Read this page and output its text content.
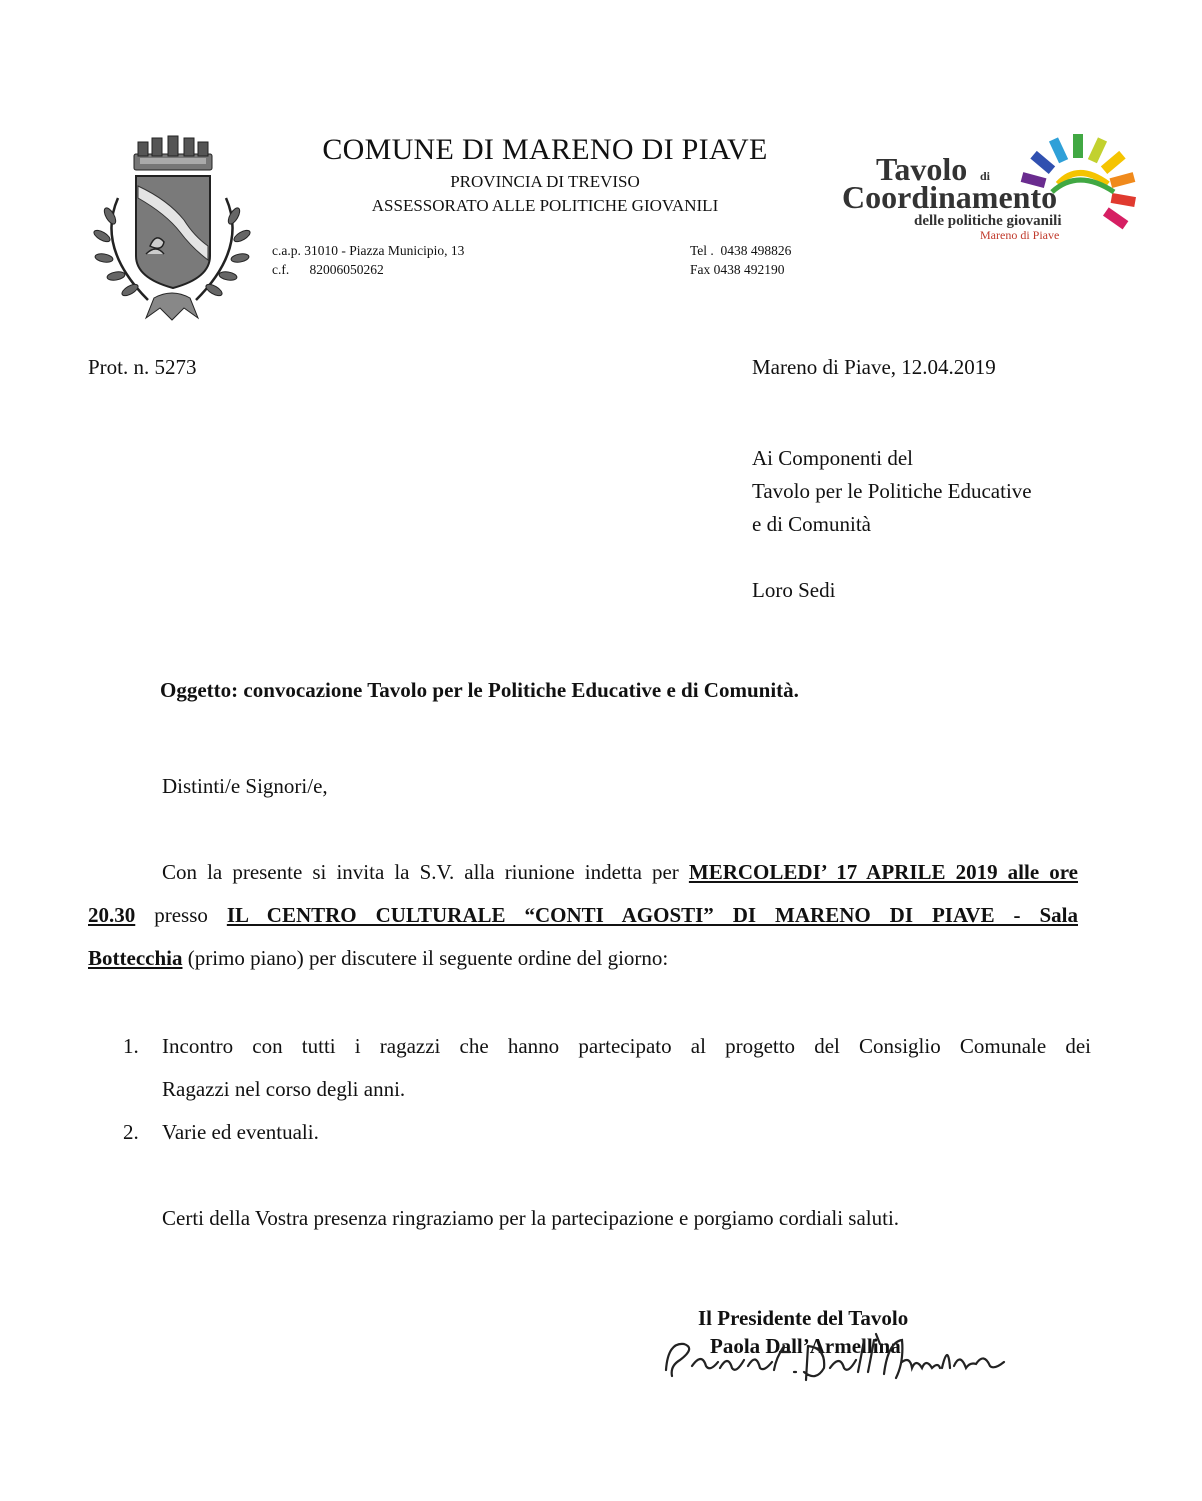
COMUNE DI MARENO DI PIAVE
PROVINCIA DI TREVISO
ASSESSORATO ALLE POLITICHE GIOVANILI
c.a.p. 31010 - Piazza Municipio, 13
c.f.      82006050262
Tel .  0438 498826
Fax 0438 492190
Tavolo di
Coordinamento
delle politiche giovanili
Mareno di Piave
Prot. n. 5273	Mareno di Piave, 12.04.2019
Ai Componenti del
Tavolo per le Politiche Educative
e di Comunità
Loro Sedi
Oggetto: convocazione Tavolo per le Politiche Educative e di Comunità.
Distinti/e Signori/e,
Con la presente si invita la S.V. alla riunione indetta per MERCOLEDI’ 17 APRILE 2019 alle ore
20.30 presso IL CENTRO CULTURALE “CONTI AGOSTI” DI MARENO DI PIAVE - Sala
Bottecchia (primo piano) per discutere il seguente ordine del giorno:
1. Incontro con tutti i ragazzi che hanno partecipato al progetto del Consiglio Comunale dei
Ragazzi nel corso degli anni.
2. Varie ed eventuali.
Certi della Vostra presenza ringraziamo per la partecipazione e porgiamo cordiali saluti.
Il Presidente del Tavolo
Paola Dall’Armellina
